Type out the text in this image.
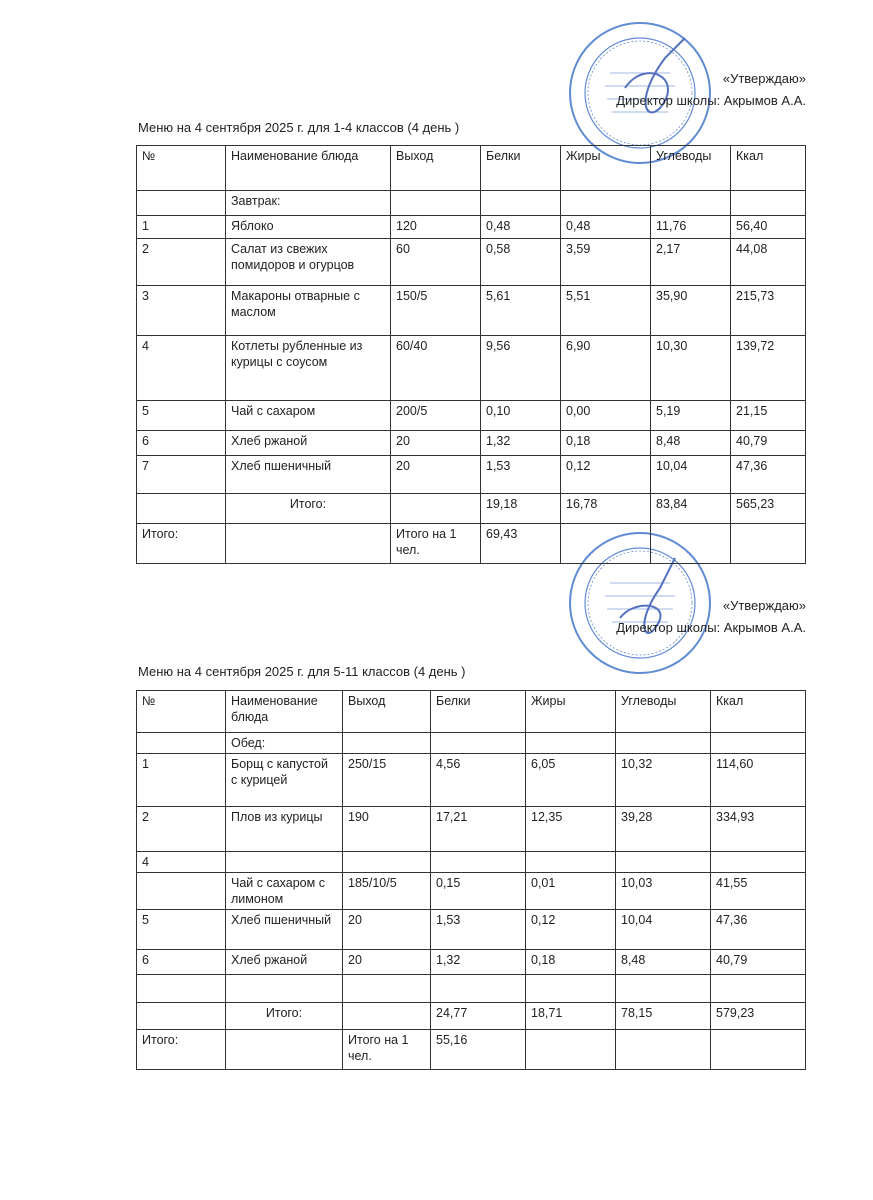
«Утверждаю»
Директор школы: Акрымов А.А.
Меню на 4 сентября 2025 г. для 1-4 классов (4 день )
№	Наименование блюда	Выход	Белки	Жиры	Углеводы	Ккал
	Завтрак:					
1	Яблоко	120	0,48	0,48	11,76	56,40
2	Салат из свежих помидоров и огурцов	60	0,58	3,59	2,17	44,08
3	Макароны отварные с маслом	150/5	5,61	5,51	35,90	215,73
4	Котлеты рубленные из курицы с соусом	60/40	9,56	6,90	10,30	139,72
5	Чай с сахаром	200/5	0,10	0,00	5,19	21,15
6	Хлеб ржаной	20	1,32	0,18	8,48	40,79
7	Хлеб пшеничный	20	1,53	0,12	10,04	47,36
	Итого:		19,18	16,78	83,84	565,23
Итого:		Итого на 1 чел.	69,43			
«Утверждаю»
Директор школы: Акрымов А.А.
Меню на 4 сентября 2025 г. для 5-11 классов (4 день )
№	Наименование блюда	Выход	Белки	Жиры	Углеводы	Ккал
	Обед:					
1	Борщ с капустой с курицей	250/15	4,56	6,05	10,32	114,60
2	Плов из курицы	190	17,21	12,35	39,28	334,93
4						
	Чай с сахаром с лимоном	185/10/5	0,15	0,01	10,03	41,55
5	Хлеб пшеничный	20	1,53	0,12	10,04	47,36
6	Хлеб ржаной	20	1,32	0,18	8,48	40,79

	Итого:		24,77	18,71	78,15	579,23
Итого:		Итого на 1 чел.	55,16			
